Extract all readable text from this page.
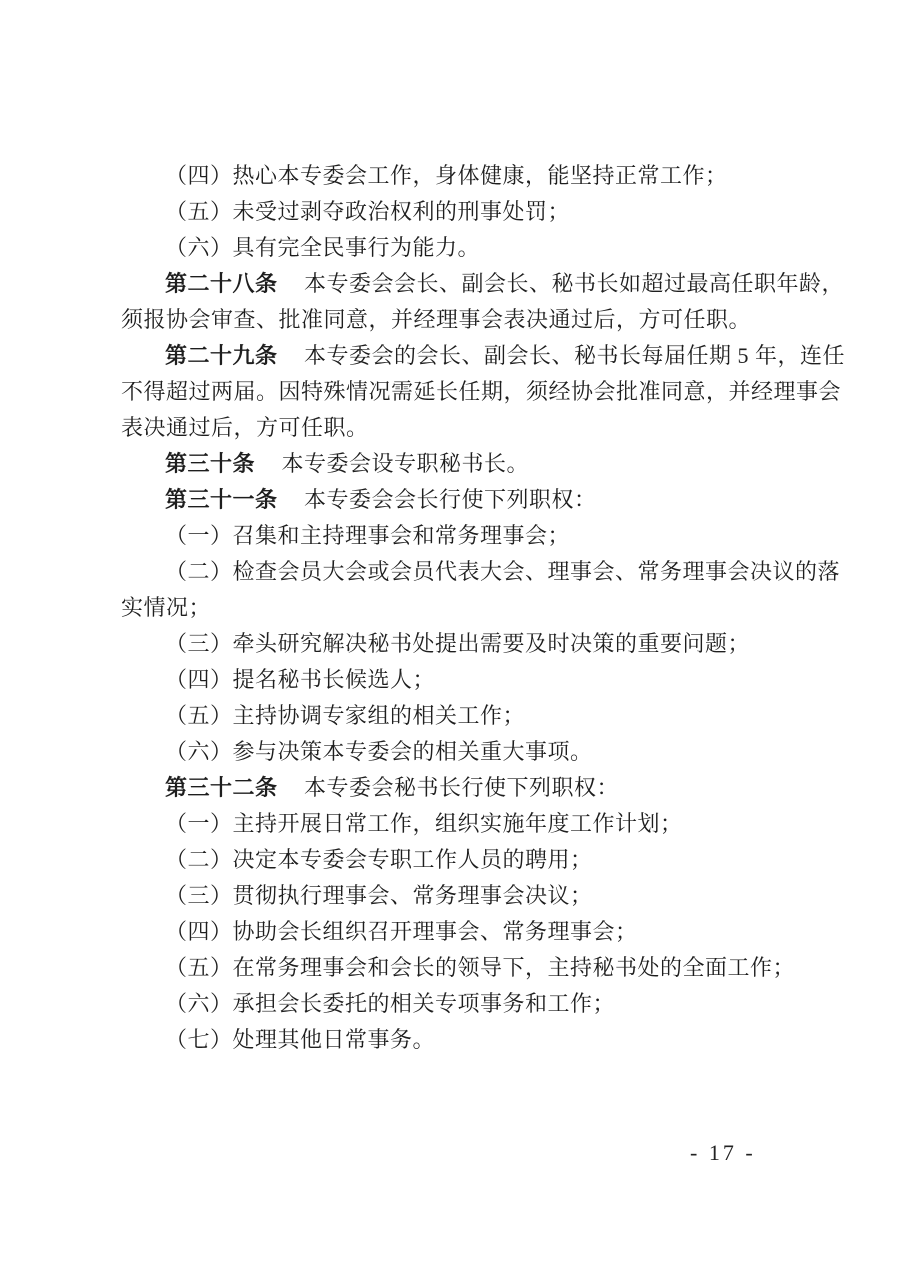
（四）热心本专委会工作，身体健康，能坚持正常工作；
（五）未受过剥夺政治权利的刑事处罚；
（六）具有完全民事行为能力。
第二十八条　本专委会会长、副会长、秘书长如超过最高任职年龄，
须报协会审查、批准同意，并经理事会表决通过后，方可任职。
第二十九条　本专委会的会长、副会长、秘书长每届任期 5 年，连任
不得超过两届。因特殊情况需延长任期，须经协会批准同意，并经理事会
表决通过后，方可任职。
第三十条　本专委会设专职秘书长。
第三十一条　本专委会会长行使下列职权：
（一）召集和主持理事会和常务理事会；
（二）检查会员大会或会员代表大会、理事会、常务理事会决议的落
实情况；
（三）牵头研究解决秘书处提出需要及时决策的重要问题；
（四）提名秘书长候选人；
（五）主持协调专家组的相关工作；
（六）参与决策本专委会的相关重大事项。
第三十二条　本专委会秘书长行使下列职权：
（一）主持开展日常工作，组织实施年度工作计划；
（二）决定本专委会专职工作人员的聘用；
（三）贯彻执行理事会、常务理事会决议；
（四）协助会长组织召开理事会、常务理事会；
（五）在常务理事会和会长的领导下，主持秘书处的全面工作；
（六）承担会长委托的相关专项事务和工作；
（七）处理其他日常事务。
- 17 -
